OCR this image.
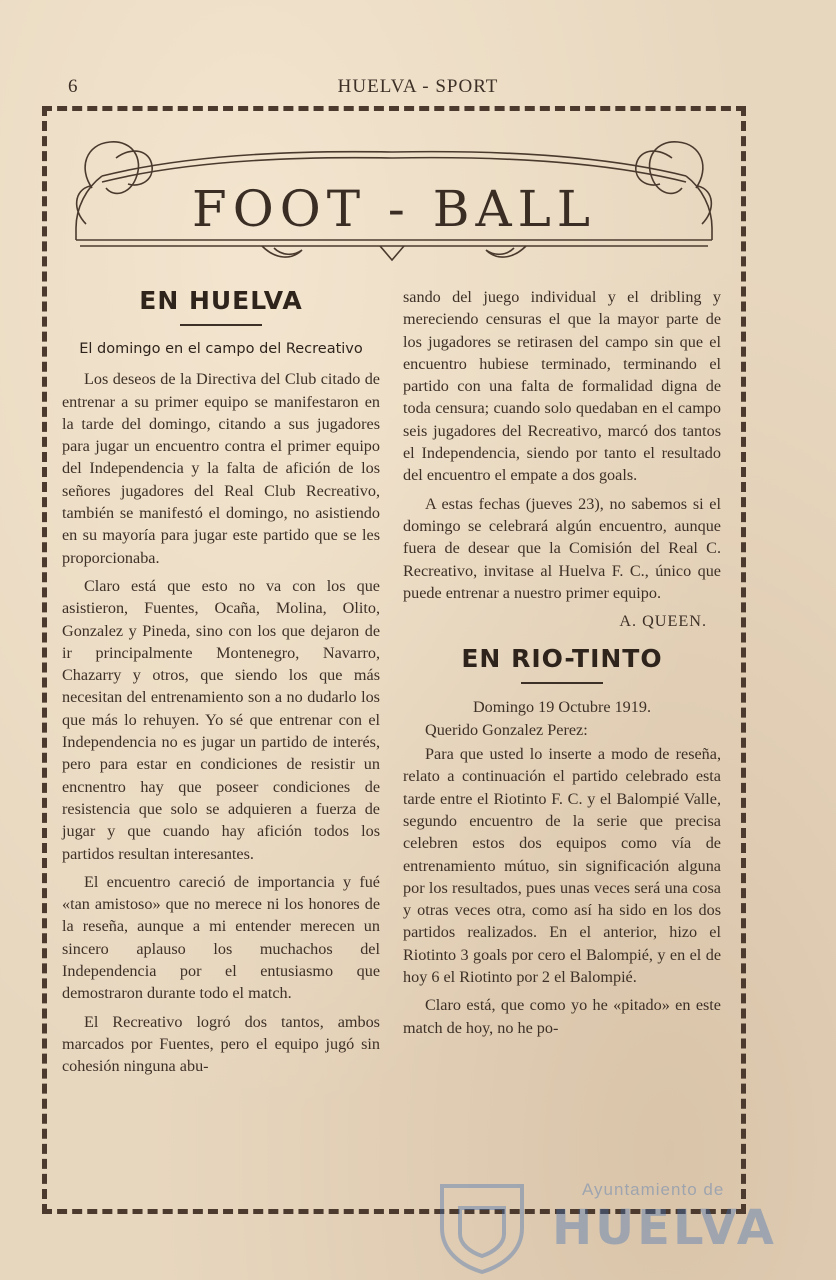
6	HUELVA - SPORT
FOOT - BALL
EN HUELVA
El domingo en el campo del Recreativo

Los deseos de la Directiva del Club citado de entrenar a su primer equipo se manifestaron en la tarde del domingo, citando a sus jugadores para jugar un encuentro contra el primer equipo del Independencia y la falta de afición de los señores jugadores del Real Club Recreativo, también se manifestó el domingo, no asistiendo en su mayoría para jugar este partido que se les proporcionaba.

Claro está que esto no va con los que asistieron, Fuentes, Ocaña, Molina, Olito, Gonzalez y Pineda, sino con los que dejaron de ir principalmente Montenegro, Navarro, Chazarry y otros, que siendo los que más necesitan del entrenamiento son a no dudarlo los que más lo rehuyen. Yo sé que entrenar con el Independencia no es jugar un partido de interés, pero para estar en condiciones de resistir un encnentro hay que poseer condiciones de resistencia que solo se adquieren a fuerza de jugar y que cuando hay afición todos los partidos resultan interesantes.

El encuentro careció de importancia y fué «tan amistoso» que no merece ni los honores de la reseña, aunque a mi entender merecen un sincero aplauso los muchachos del Independencia por el entusiasmo que demostraron durante todo el match.

El Recreativo logró dos tantos, ambos marcados por Fuentes, pero el equipo jugó sin cohesión ninguna abu-

sando del juego individual y el dribling y mereciendo censuras el que la mayor parte de los jugadores se retirasen del campo sin que el encuentro hubiese terminado, terminando el partido con una falta de formalidad digna de toda censura; cuando solo quedaban en el campo seis jugadores del Recreativo, marcó dos tantos el Independencia, siendo por tanto el resultado del encuentro el empate a dos goals.

A estas fechas (jueves 23), no sabemos si el domingo se celebrará algún encuentro, aunque fuera de desear que la Comisión del Real C. Recreativo, invitase al Huelva F. C., único que puede entrenar a nuestro primer equipo.

A. QUEEN.
EN RIO-TINTO
Domingo 19 Octubre 1919.
Querido Gonzalez Perez:

Para que usted lo inserte a modo de reseña, relato a continuación el partido celebrado esta tarde entre el Riotinto F. C. y el Balompié Valle, segundo encuentro de la serie que precisa celebren estos dos equipos como vía de entrenamiento mútuo, sin significación alguna por los resultados, pues unas veces será una cosa y otras veces otra, como así ha sido en los dos partidos realizados. En el anterior, hizo el Riotinto 3 goals por cero el Balompié, y en el de hoy 6 el Riotinto por 2 el Balompié.

Claro está, que como yo he «pitado» en este match de hoy, no he po-

Ayuntamiento de
HUELVA
